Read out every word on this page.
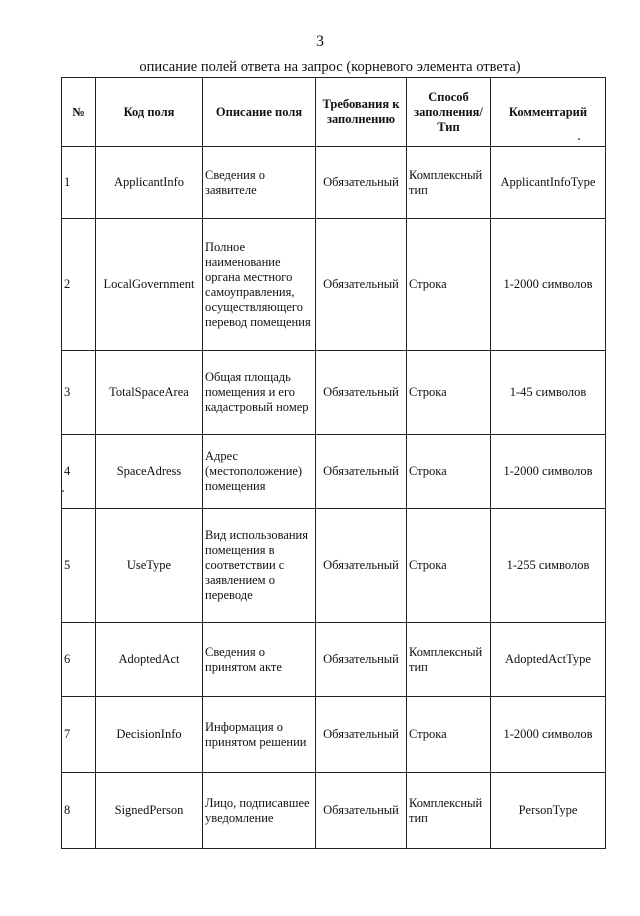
3
описание полей ответа на запрос (корневого элемента ответа)
№	Код поля	Описание поля	Требования к заполнению	Способ заполнения/ Тип	Комментарий
1	ApplicantInfo	Сведения о заявителе	Обязательный	Комплексный тип	ApplicantInfoType
2	LocalGovernment	Полное наименование органа местного самоуправления, осуществляющего перевод помещения	Обязательный	Строка	1-2000 символов
3	TotalSpaceArea	Общая площадь помещения и его кадастровый номер	Обязательный	Строка	1-45 символов
4	SpaceAdress	Адрес (местоположение) помещения	Обязательный	Строка	1-2000 символов
5	UseType	Вид использования помещения в соответствии с заявлением о переводе	Обязательный	Строка	1-255 символов
6	AdoptedAct	Сведения о принятом акте	Обязательный	Комплексный тип	AdoptedActType
7	DecisionInfo	Информация о принятом решении	Обязательный	Строка	1-2000 символов
8	SignedPerson	Лицо, подписавшее уведомление	Обязательный	Комплексный тип	PersonType
